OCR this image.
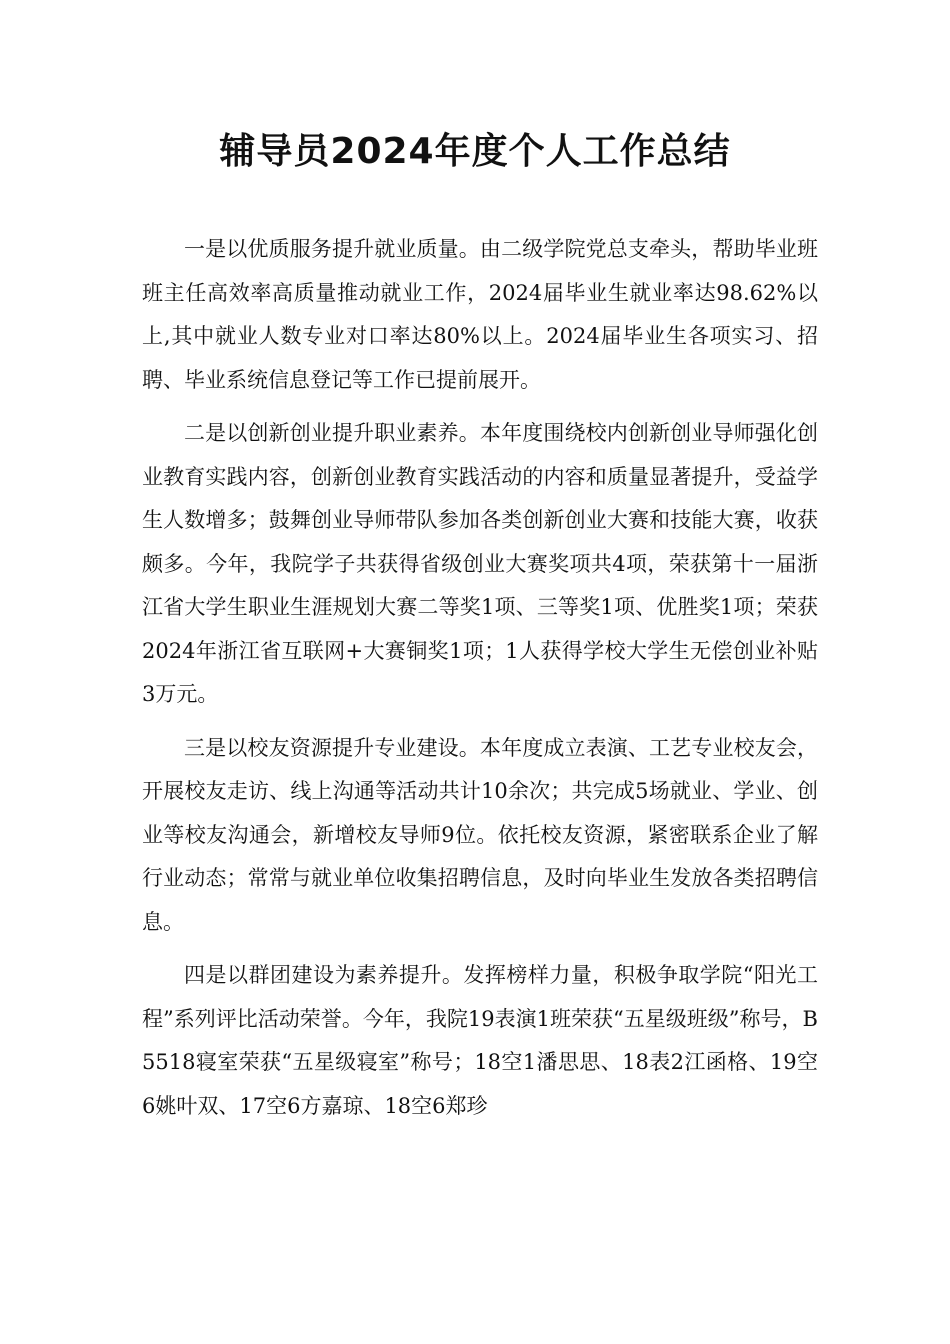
辅导员2024年度个人工作总结

一是以优质服务提升就业质量。由二级学院党总支牵头，帮助毕业班班主任高效率高质量推动就业工作，2024届毕业生就业率达98.62%以上,其中就业人数专业对口率达80%以上。2024届毕业生各项实习、招聘、毕业系统信息登记等工作已提前展开。

二是以创新创业提升职业素养。本年度围绕校内创新创业导师强化创业教育实践内容，创新创业教育实践活动的内容和质量显著提升，受益学生人数增多；鼓舞创业导师带队参加各类创新创业大赛和技能大赛，收获颇多。今年，我院学子共获得省级创业大赛奖项共4项，荣获第十一届浙江省大学生职业生涯规划大赛二等奖1项、三等奖1项、优胜奖1项；荣获2024年浙江省互联网+大赛铜奖1项；1人获得学校大学生无偿创业补贴3万元。

三是以校友资源提升专业建设。本年度成立表演、工艺专业校友会，开展校友走访、线上沟通等活动共计10余次；共完成5场就业、学业、创业等校友沟通会，新增校友导师9位。依托校友资源，紧密联系企业了解行业动态；常常与就业单位收集招聘信息，及时向毕业生发放各类招聘信息。

四是以群团建设为素养提升。发挥榜样力量，积极争取学院“阳光工程”系列评比活动荣誉。今年，我院19表演1班荣获“五星级班级”称号，B5518寝室荣获“五星级寝室”称号；18空1潘思思、18表2江函格、19空6姚叶双、17空6方嘉琼、18空6郑珍
